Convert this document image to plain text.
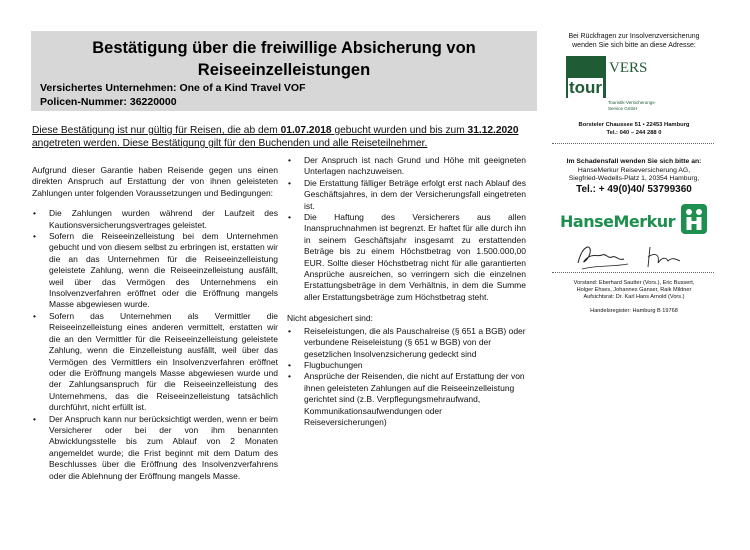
Bestätigung über die freiwillige Absicherung von
Reiseeinzelleistungen
Versichertes Unternehmen: One of a Kind Travel VOF
Policen-Nummer: 36220000
Diese Bestätigung ist nur gültig für Reisen, die ab dem 01.07.2018 gebucht wurden und bis zum 31.12.2020
angetreten werden. Diese Bestätigung gilt für den Buchenden und alle Reiseteilnehmer.

Aufgrund dieser Garantie haben Reisende gegen uns einen direkten Anspruch auf Erstattung der von ihnen geleisteten Zahlungen unter folgenden Voraussetzungen und Bedingungen:

• Die Zahlungen wurden während der Laufzeit des Kautionsversicherungsvertrages geleistet.
• Sofern die Reiseeinzelleistung bei dem Unternehmen gebucht und von diesem selbst zu erbringen ist, erstatten wir die an das Unternehmen für die Reiseeinzelleistung geleistete Zahlung, wenn die Reiseeinzelleistung ausfällt, weil über das Vermögen des Unternehmens ein Insolvenzverfahren eröffnet oder die Eröffnung mangels Masse abgewiesen wurde.
• Sofern das Unternehmen als Vermittler die Reiseeinzelleistung eines anderen vermittelt, erstatten wir die an den Vermittler für die Reiseeinzelleistung geleistete Zahlung, wenn die Einzelleistung ausfällt, weil über das Vermögen des Vermittlers ein Insolvenzverfahren eröffnet oder die Eröffnung mangels Masse abgewiesen wurde und der Zahlungsanspruch für die Reiseeinzelleistung des Unternehmens, das die Reiseeinzelleistung tatsächlich durchführt, nicht erfüllt ist.
• Der Anspruch kann nur berücksichtigt werden, wenn er beim Versicherer oder bei der von ihm benannten Abwicklungsstelle bis zum Ablauf von 2 Monaten angemeldet wurde; die Frist beginnt mit dem Datum des Beschlusses über die Eröffnung des Insolvenzverfahrens oder die Ablehnung der Eröffnung mangels Masse.
• Der Anspruch ist nach Grund und Höhe mit geeigneten Unterlagen nachzuweisen.
• Die Erstattung fälliger Beträge erfolgt erst nach Ablauf des Geschäftsjahres, in dem der Versicherungsfall eingetreten ist.
• Die Haftung des Versicherers aus allen Inanspruchnahmen ist begrenzt. Er haftet für alle durch ihn in seinem Geschäftsjahr insgesamt zu erstattenden Beträge bis zu einem Höchstbetrag von 1.500.000,00 EUR. Sollte dieser Höchstbetrag nicht für alle garantierten Ansprüche ausreichen, so verringern sich die einzelnen Erstattungsbeträge in dem Verhältnis, in dem die Summe aller Erstattungsbeträge zum Höchstbetrag steht.
Nicht abgesichert sind:
• Reiseleistungen, die als Pauschalreise (§ 651 a BGB) oder verbundene Reiseleistung (§ 651 w BGB) von der gesetzlichen Insolvenzsicherung gedeckt sind
• Flugbuchungen
• Ansprüche der Reisenden, die nicht auf Erstattung der von ihnen geleisteten Zahlungen auf die Reiseeinzelleistung gerichtet sind (z.B. Verpflegungsmehraufwand, Kommunikationsaufwendungen oder Reiseversicherungen)
Bei Rückfragen zur Insolvenzversicherung
wenden Sie sich bitte an diese Adresse:
tour
VERS
Touristik-Versicherungs-
Service GmbH
Borsteler Chaussee 51 • 22453 Hamburg
Tel.: 040 – 244 288 0
Im Schadensfall wenden Sie sich bitte an:
HanseMerkur Reiseversicherung AG,
Siegfried-Wedells-Platz 1, 20354 Hamburg,
Tel.: + 49(0)40/ 53799360
HanseMerkur
Vorstand: Eberhard Sautter (Vors.), Eric Bussert,
Holger Ehses, Johannes Ganser, Raik Mildner
Aufsichtsrat: Dr. Karl Hans Arnold (Vors.)
Handelsregister: Hamburg B 19768
